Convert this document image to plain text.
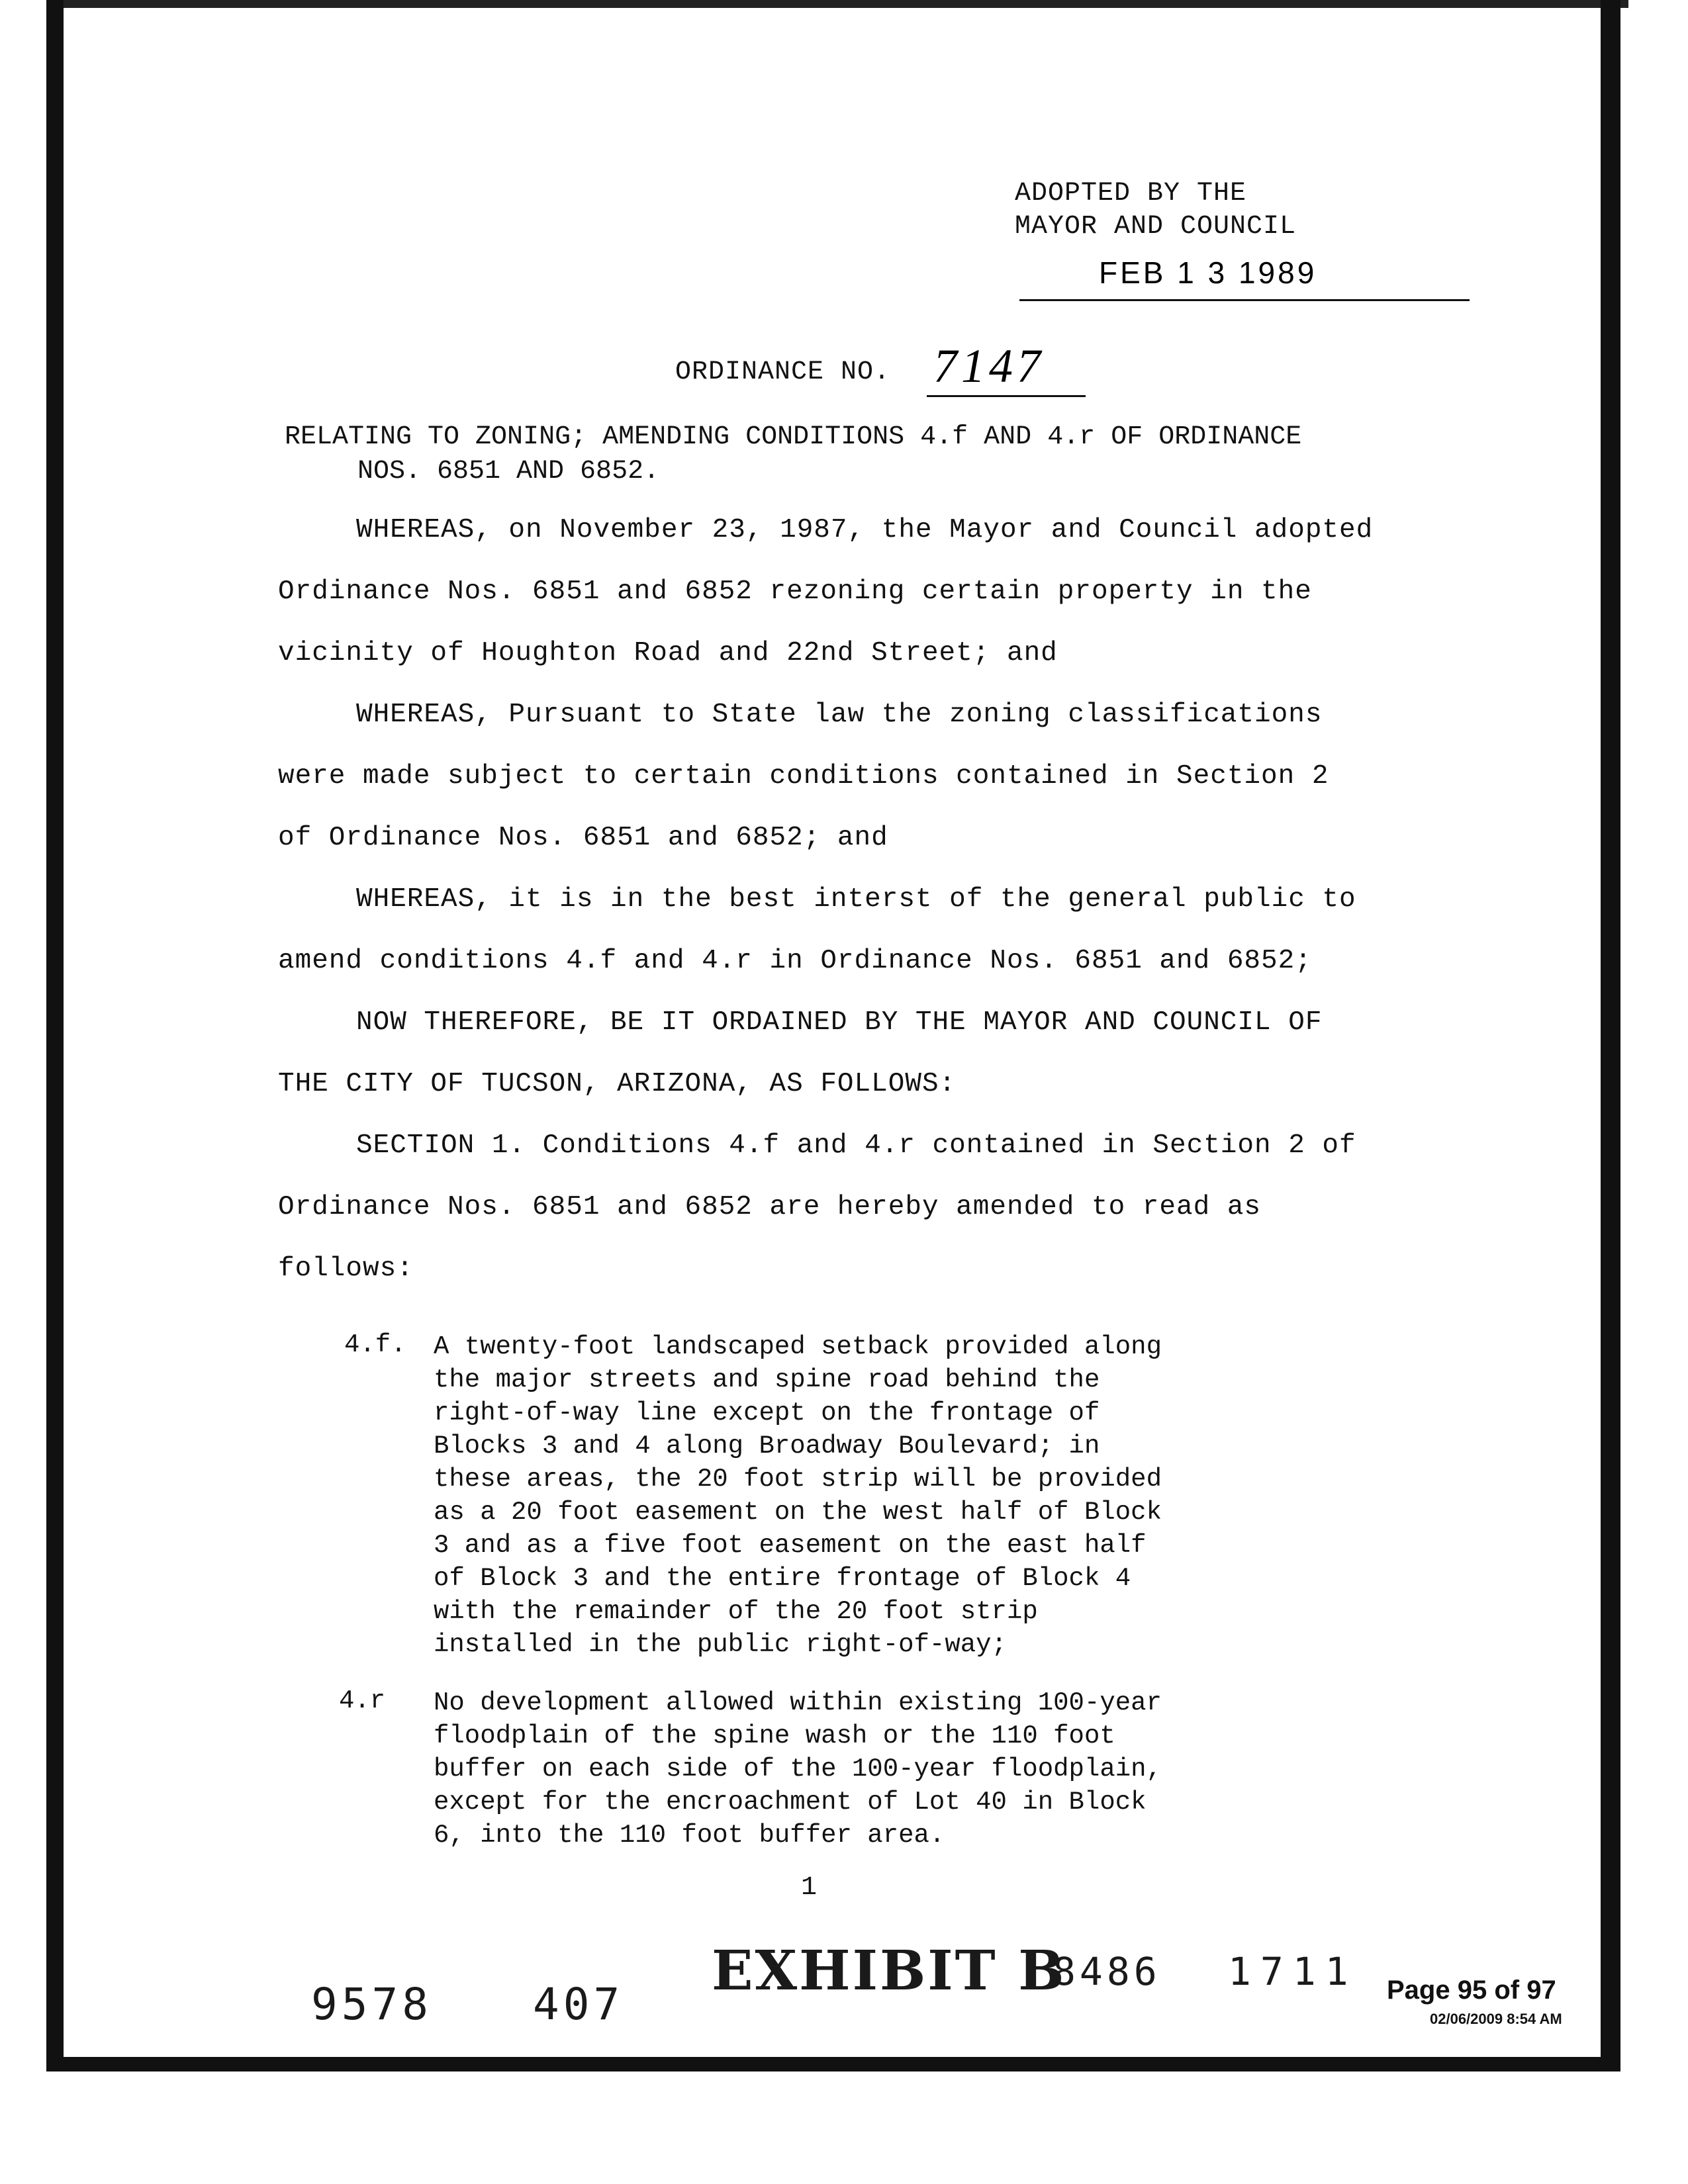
ADOPTED BY THE
MAYOR AND COUNCIL
FEB 1 3 1989
ORDINANCE NO. 7147
RELATING TO ZONING; AMENDING CONDITIONS 4.f AND 4.r OF ORDINANCE
NOS. 6851 AND 6852.
WHEREAS, on November 23, 1987, the Mayor and Council adopted
Ordinance Nos. 6851 and 6852 rezoning certain property in the
vicinity of Houghton Road and 22nd Street; and
WHEREAS, Pursuant to State law the zoning classifications
were made subject to certain conditions contained in Section 2
of Ordinance Nos. 6851 and 6852; and
WHEREAS, it is in the best interst of the general public to
amend conditions 4.f and 4.r in Ordinance Nos. 6851 and 6852;
NOW THEREFORE, BE IT ORDAINED BY THE MAYOR AND COUNCIL OF
THE CITY OF TUCSON, ARIZONA, AS FOLLOWS:
SECTION 1. Conditions 4.f and 4.r contained in Section 2 of
Ordinance Nos. 6851 and 6852 are hereby amended to read as
follows:
4.f. A twenty-foot landscaped setback provided along
the major streets and spine road behind the
right-of-way line except on the frontage of
Blocks 3 and 4 along Broadway Boulevard; in
these areas, the 20 foot strip will be provided
as a 20 foot easement on the west half of Block
3 and as a five foot easement on the east half
of Block 3 and the entire frontage of Block 4
with the remainder of the 20 foot strip
installed in the public right-of-way;
4.r No development allowed within existing 100-year
floodplain of the spine wash or the 110 foot
buffer on each side of the 100-year floodplain,
except for the encroachment of Lot 40 in Block
6, into the 110 foot buffer area.
1
9578 407
EXHIBIT B
8486 1711 Page 95 of 97
02/06/2009 8:54 AM
